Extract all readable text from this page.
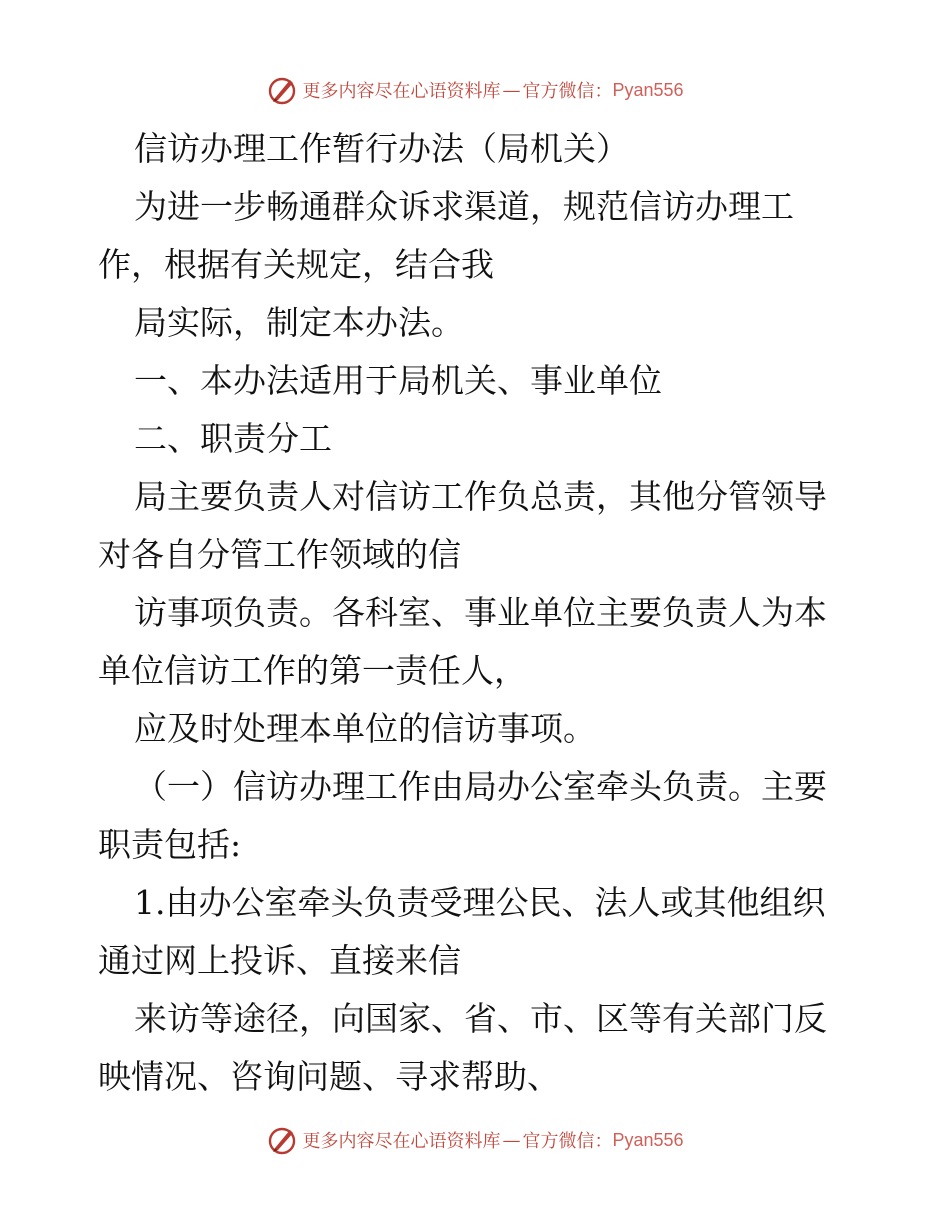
更多内容尽在心语资料库 — 官方微信： Pyan556
信访办理工作暂行办法（局机关）
为进一步畅通群众诉求渠道，规范信访办理工
作，根据有关规定，结合我
局实际，制定本办法。
一、本办法适用于局机关、事业单位
二、职责分工
局主要负责人对信访工作负总责，其他分管领导
对各自分管工作领域的信
访事项负责。各科室、事业单位主要负责人为本
单位信访工作的第一责任人，
应及时处理本单位的信访事项。
（一）信访办理工作由局办公室牵头负责。主要
职责包括:
1.由办公室牵头负责受理公民、法人或其他组织
通过网上投诉、直接来信
来访等途径，向国家、省、市、区等有关部门反
映情况、咨询问题、寻求帮助、
更多内容尽在心语资料库 — 官方微信： Pyan556
